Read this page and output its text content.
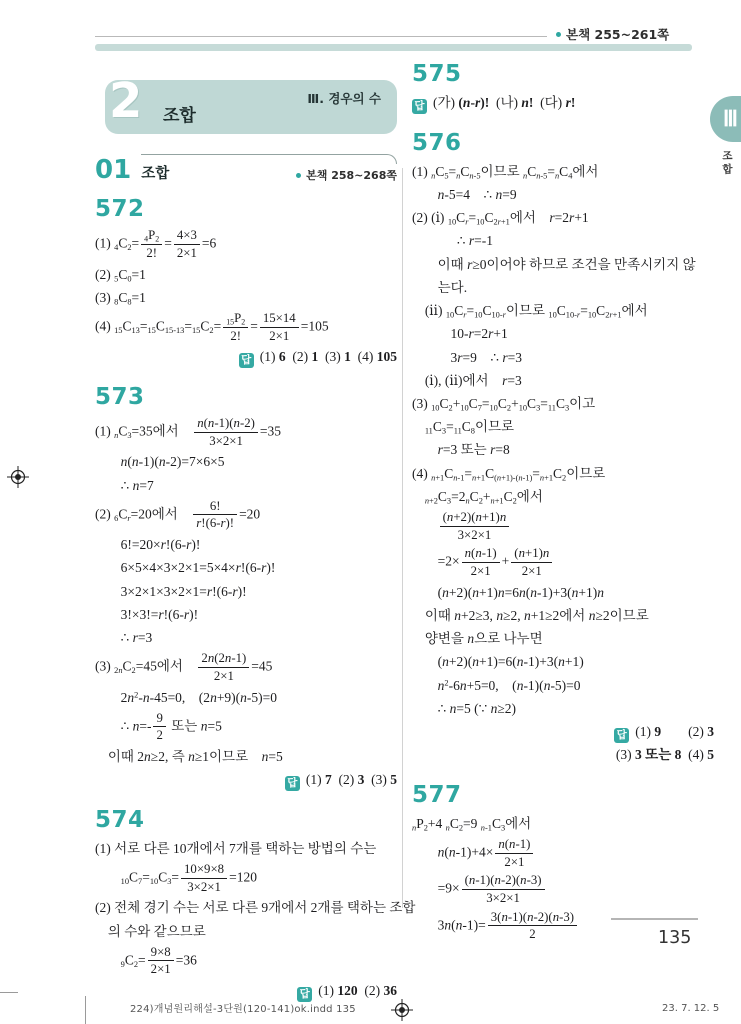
본책 255~261쪽
Ⅲ
조합
2 조합
Ⅲ. 경우의 수
01 조합	본책 258~268쪽
572
(1) $_4C_2= \frac{_4P_2}{2!} = \frac{4\times 3}{2\times 1} =6$
(2) $_5C_0=1$
(3) $_8C_8=1$
(4) $_{15}C_{13}=_{15}C_{15-13}=_{15}C_2= \frac{_{15}P_2}{2!} = \frac{15\times 14}{2\times 1} =105$
답 (1) 6 (2) 1 (3) 1 (4) 105
573
(1) $_nC_3=35$에서  $\frac{n(n-1)(n-2)}{3\times 2\times 1} =35$
n(n-1)(n-2)=7×6×5
∴ n=7
(2) $_6C_r=20$에서  $\frac{6!}{r!(6-r)!} =20$
6!=20×r!(6-r)!
6×5×4×3×2×1=5×4×r!(6-r)!
3×2×1×3×2×1=r!(6-r)!
3!×3!=r!(6-r)!
∴ r=3
(3) $_{2n}C_2=45$에서  $\frac{2n(2n-1)}{2\times 1} =45$
$2n^2-n-45=0$, (2n+9)(n-5)=0
∴ $n=- \frac{9}{2}$ 또는 n=5
이때 2n≥2, 즉 n≥1이므로 n=5
답 (1) 7 (2) 3 (3) 5
574
(1) 서로 다른 10개에서 7개를 택하는 방법의 수는
$_{10}C_7=_{10}C_3= \frac{10\times 9\times 8}{3\times 2\times 1} =120$
(2) 전체 경기 수는 서로 다른 9개에서 2개를 택하는 조합
의 수와 같으므로
$_9C_2= \frac{9\times 8}{2\times 1} =36$
답 (1) 120 (2) 36
575
답 (가) (n-r)! (나) n! (다) r!
576
(1) $_nC_5=_nC_{n-5}$이므로 $_nC_{n-5}=_nC_4$에서
n-5=4 ∴ n=9
(2) (ⅰ) $_{10}C_r=_{10}C_{2r+1}$에서 r=2r+1
∴ r=-1
이때 r≥0이어야 하므로 조건을 만족시키지 않
는다.
(ⅱ) $_{10}C_r=_{10}C_{10-r}$이므로 $_{10}C_{10-r}=_{10}C_{2r+1}$에서
10-r=2r+1
3r=9 ∴ r=3
(ⅰ), (ⅱ)에서 r=3
(3) $_{10}C_2+_{10}C_7=_{10}C_2+_{10}C_3=_{11}C_3$이고
$_{11}C_3=_{11}C_8$이므로
r=3 또는 r=8
(4) $_{n+1}C_{n-1}=_{n+1}C_{(n+1)-(n-1)}=_{n+1}C_2$이므로
$_{n+2}C_3=2_nC_2+_{n+1}C_2$에서
$\frac{(n+2)(n+1)n}{3\times 2\times 1}$
$=2\times \frac{n(n-1)}{2\times 1} + \frac{(n+1)n}{2\times 1}$
(n+2)(n+1)n=6n(n-1)+3(n+1)n
이때 n+2≥3, n≥2, n+1≥2에서 n≥2이므로
양변을 n으로 나누면
(n+2)(n+1)=6(n-1)+3(n+1)
$n^2-6n+5=0$, (n-1)(n-5)=0
∴ n=5 (∵ n≥2)
답 (1) 9  (2) 3
(3) 3 또는 8 (4) 5
577
$_nP_2+4$ $_nC_2=9$ $_{n-1}C_3$에서
$n(n-1)+4\times \frac{n(n-1)}{2\times 1}$
$=9\times \frac{(n-1)(n-2)(n-3)}{3\times 2\times 1}$
$3n(n-1)= \frac{3(n-1)(n-2)(n-3)}{2}$	135
224)개념원리해설-3단원(120-141)ok.indd 135	23. 7. 12. 5
